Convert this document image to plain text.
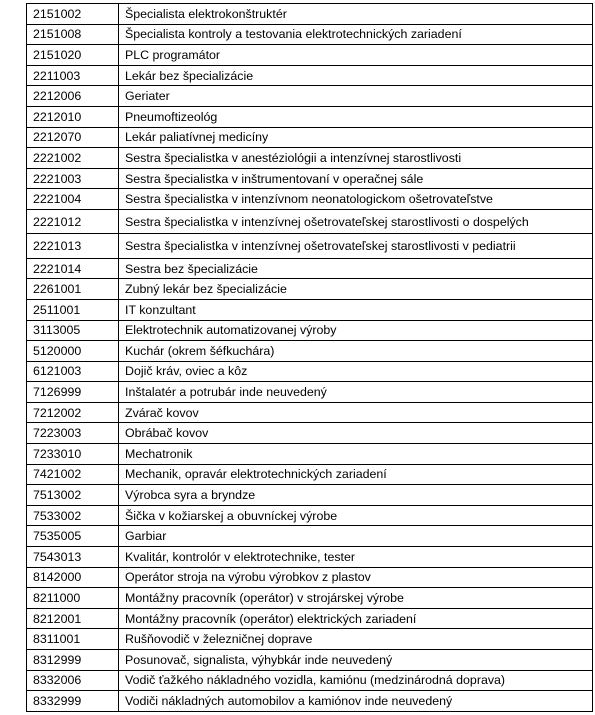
2151002	Špecialista elektrokonštruktér
2151008	Špecialista kontroly a testovania elektrotechnických zariadení
2151020	PLC programátor
2211003	Lekár bez špecializácie
2212006	Geriater
2212010	Pneumoftizeológ
2212070	Lekár paliatívnej medicíny
2221002	Sestra špecialistka v anestéziológii a intenzívnej starostlivosti
2221003	Sestra špecialistka v inštrumentovaní v operačnej sále
2221004	Sestra špecialistka v intenzívnom neonatologickom ošetrovateľstve
2221012	Sestra špecialistka v intenzívnej ošetrovateľskej starostlivosti o dospelých
2221013	Sestra špecialistka v intenzívnej ošetrovateľskej starostlivosti v pediatrii
2221014	Sestra bez špecializácie
2261001	Zubný lekár bez špecializácie
2511001	IT konzultant
3113005	Elektrotechnik automatizovanej výroby
5120000	Kuchár (okrem šéfkuchára)
6121003	Dojič kráv, oviec a kôz
7126999	Inštalatér a potrubár inde neuvedený
7212002	Zvárač kovov
7223003	Obrábač kovov
7233010	Mechatronik
7421002	Mechanik, opravár elektrotechnických zariadení
7513002	Výrobca syra a bryndze
7533002	Šička v kožiarskej a obuvníckej výrobe
7535005	Garbiar
7543013	Kvalitár, kontrolór v elektrotechnike, tester
8142000	Operátor stroja na výrobu výrobkov z plastov
8211000	Montážny pracovník (operátor) v strojárskej výrobe
8212001	Montážny pracovník (operátor) elektrických zariadení
8311001	Rušňovodič v železničnej doprave
8312999	Posunovač, signalista, výhybkár inde neuvedený
8332006	Vodič ťažkého nákladného vozidla, kamiónu (medzinárodná doprava)
8332999	Vodiči nákladných automobilov a kamiónov inde neuvedený
